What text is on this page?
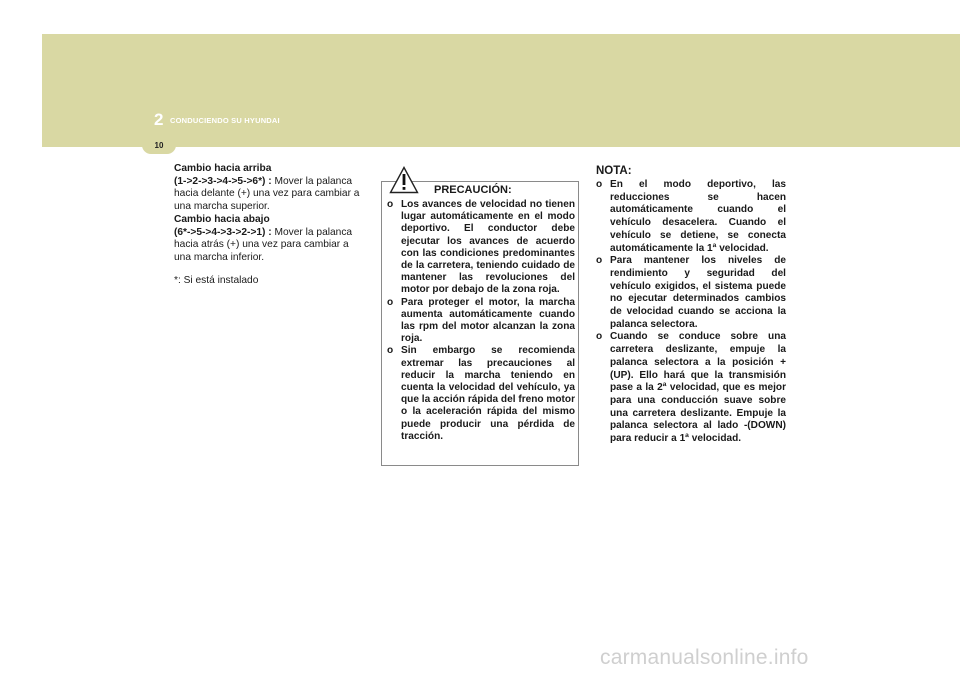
2 CONDUCIENDO SU HYUNDAI
10

Cambio hacia arriba

(1->2->3->4->5->6*) : Mover la palanca hacia delante (+) una vez para cambiar a una marcha superior.

Cambio hacia abajo

(6*->5->4->3->2->1) : Mover la palanca hacia atrás (+) una vez para cambiar a una marcha inferior.

*: Si está instalado

PRECAUCIÓN:
o Los avances de velocidad no tienen lugar automáticamente en el modo deportivo. El conductor debe ejecutar los avances de acuerdo con las condiciones predominantes de la carretera, teniendo cuidado de mantener las revoluciones del motor por debajo de la zona roja.
o Para proteger el motor, la marcha aumenta automáticamente cuando las rpm del motor alcanzan la zona roja.
o Sin embargo se recomienda extremar las precauciones al reducir la marcha teniendo en cuenta la velocidad del vehículo, ya que la acción rápida del freno motor o la aceleración rápida del mismo puede producir una pérdida de tracción.
NOTA:
o En el modo deportivo, las reducciones se hacen automáticamente cuando el vehículo desacelera. Cuando el vehículo se detiene, se conecta automáticamente la 1ª velocidad.
o Para mantener los niveles de rendimiento y seguridad del vehículo exigidos, el sistema puede no ejecutar determinados cambios de velocidad cuando se acciona la palanca selectora.
o Cuando se conduce sobre una carretera deslizante, empuje la palanca selectora a la posición +(UP). Ello hará que la transmisión pase a la 2ª velocidad, que es mejor para una conducción suave sobre una carretera deslizante. Empuje la palanca selectora al lado -(DOWN) para reducir a 1ª velocidad.
carmanualsonline.info
